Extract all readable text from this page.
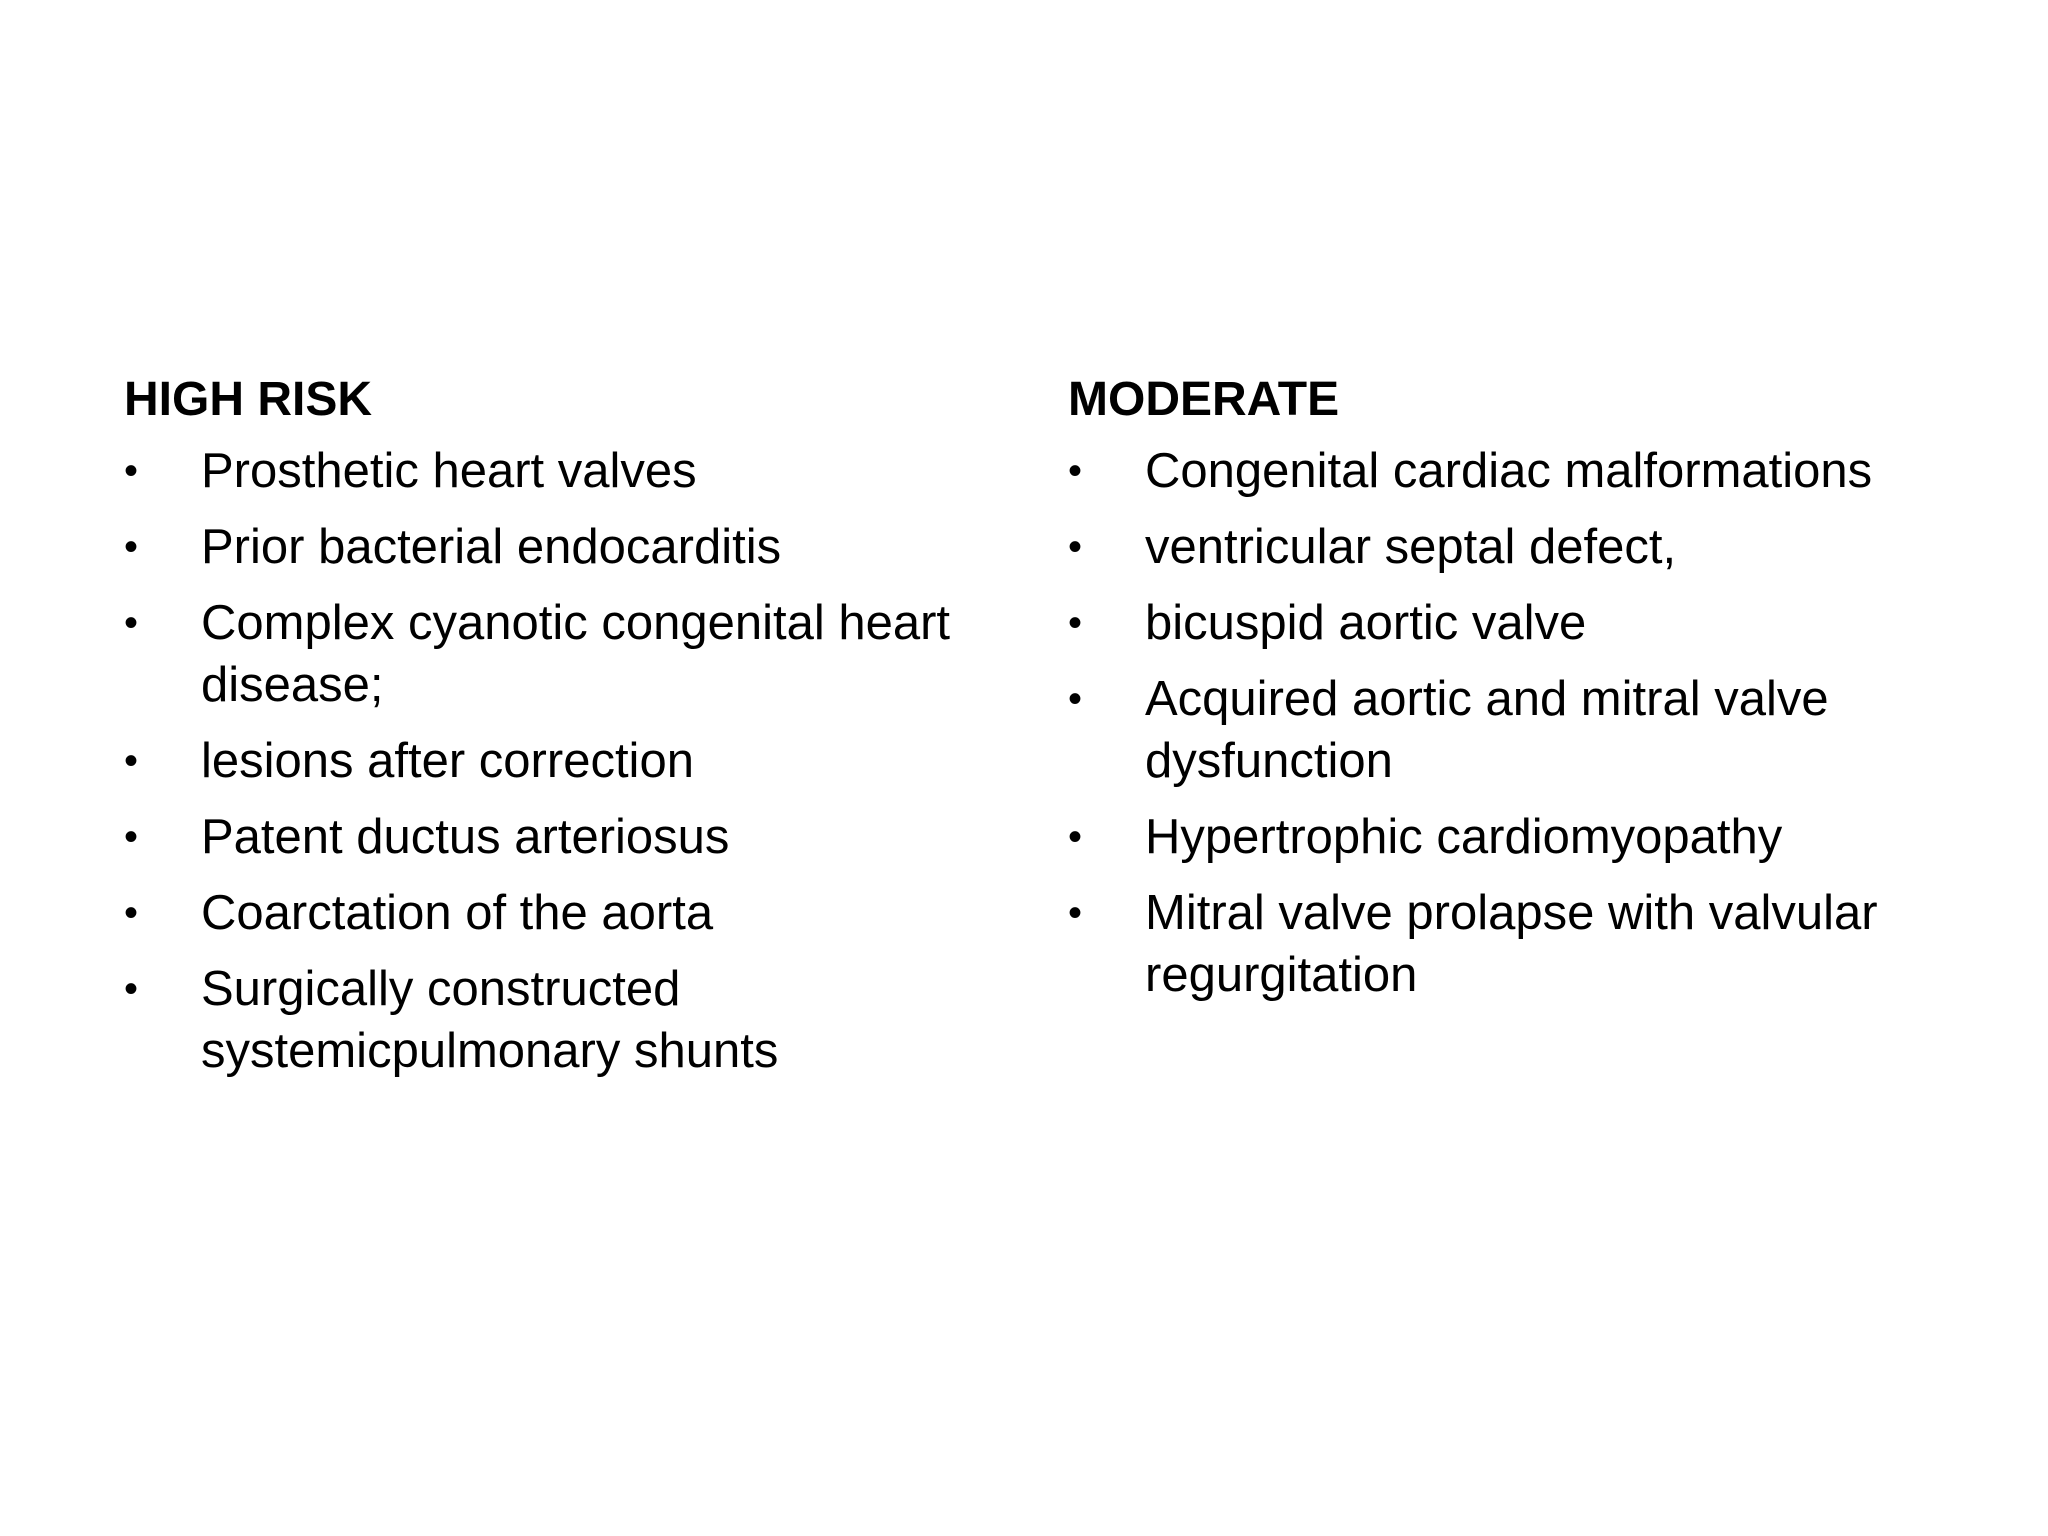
HIGH RISK
•	Prosthetic heart valves
•	Prior bacterial endocarditis
•	Complex cyanotic congenital heart disease;
•	lesions after correction
•	Patent ductus arteriosus
•	Coarctation of the aorta
•	Surgically constructed systemicpulmonary shunts
MODERATE
•	Congenital cardiac malformations
•	ventricular septal defect,
•	bicuspid aortic valve
•	Acquired aortic and mitral valve dysfunction
•	Hypertrophic cardiomyopathy
•	Mitral valve prolapse with valvular regurgitation
